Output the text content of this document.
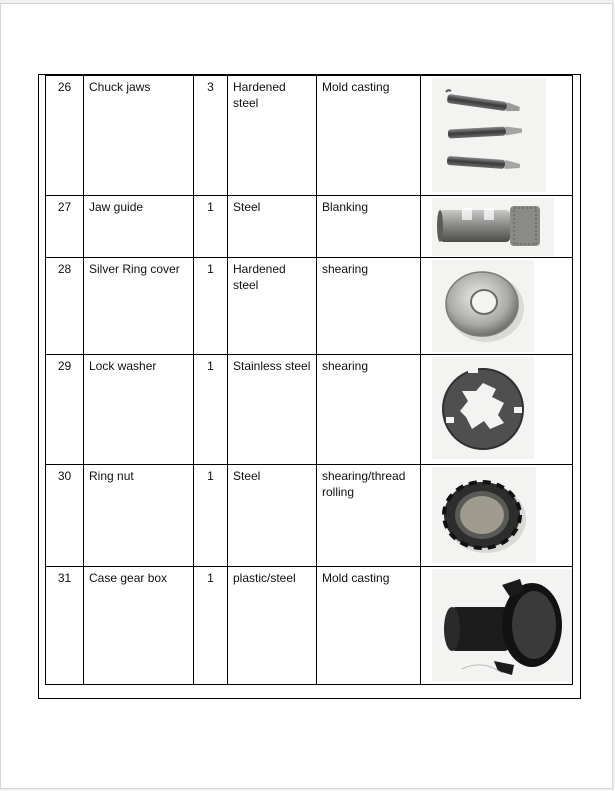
26	Chuck jaws	3	Hardened steel	Mold casting	

27	Jaw guide	1	Steel	Blanking	

28	Silver Ring cover	1	Hardened steel	shearing	

29	Lock washer	1	Stainless steel	shearing	

30	Ring nut	1	Steel	shearing/thread rolling	

31	Case gear box	1	plastic/steel	Mold casting	
